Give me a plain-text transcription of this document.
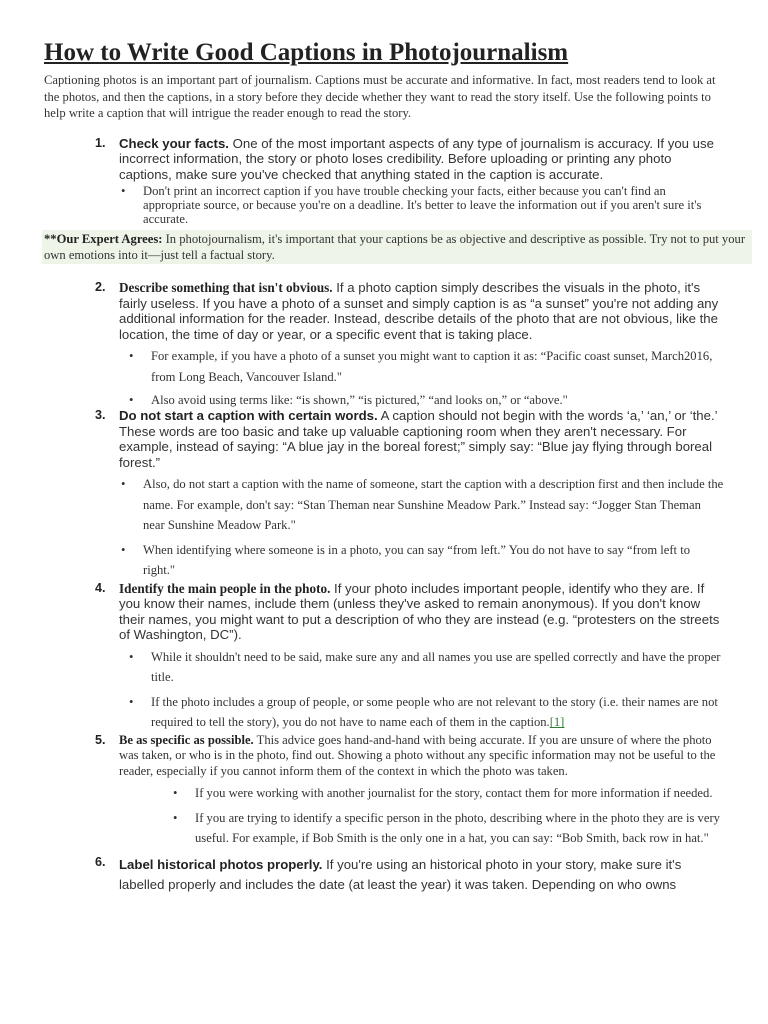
How to Write Good Captions in Photojournalism

Captioning photos is an important part of journalism. Captions must be accurate and informative. In fact, most readers tend to look at the photos, and then the captions, in a story before they decide whether they want to read the story itself. Use the following points to help write a caption that will intrigue the reader enough to read the story.

1. Check your facts. One of the most important aspects of any type of journalism is accuracy. If you use incorrect information, the story or photo loses credibility. Before uploading or printing any photo captions, make sure you've checked that anything stated in the caption is accurate.
• Don't print an incorrect caption if you have trouble checking your facts, either because you can't find an appropriate source, or because you're on a deadline. It's better to leave the information out if you aren't sure it's accurate.
**Our Expert Agrees: In photojournalism, it's important that your captions be as objective and descriptive as possible. Try not to put your own emotions into it—just tell a factual story.
2. Describe something that isn't obvious. If a photo caption simply describes the visuals in the photo, it's fairly useless. If you have a photo of a sunset and simply caption is as “a sunset” you're not adding any additional information for the reader. Instead, describe details of the photo that are not obvious, like the location, the time of day or year, or a specific event that is taking place.
• For example, if you have a photo of a sunset you might want to caption it as: “Pacific coast sunset, March2016, from Long Beach, Vancouver Island."
• Also avoid using terms like: “is shown,” “is pictured,” “and looks on,” or “above."
3. Do not start a caption with certain words. A caption should not begin with the words ‘a,’ ‘an,’ or ‘the.’ These words are too basic and take up valuable captioning room when they aren't necessary. For example, instead of saying: “A blue jay in the boreal forest;” simply say: “Blue jay flying through boreal forest.”
• Also, do not start a caption with the name of someone, start the caption with a description first and then include the name. For example, don't say: “Stan Theman near Sunshine Meadow Park.” Instead say: “Jogger Stan Theman near Sunshine Meadow Park."
• When identifying where someone is in a photo, you can say “from left.” You do not have to say “from left to right."
4. Identify the main people in the photo. If your photo includes important people, identify who they are. If you know their names, include them (unless they've asked to remain anonymous). If you don't know their names, you might want to put a description of who they are instead (e.g. “protesters on the streets of Washington, DC”).
• While it shouldn't need to be said, make sure any and all names you use are spelled correctly and have the proper title.
• If the photo includes a group of people, or some people who are not relevant to the story (i.e. their names are not required to tell the story), you do not have to name each of them in the caption.[1]
5. Be as specific as possible. This advice goes hand-and-hand with being accurate. If you are unsure of where the photo was taken, or who is in the photo, find out. Showing a photo without any specific information may not be useful to the reader, especially if you cannot inform them of the context in which the photo was taken.
• If you were working with another journalist for the story, contact them for more information if needed.
• If you are trying to identify a specific person in the photo, describing where in the photo they are is very useful. For example, if Bob Smith is the only one in a hat, you can say: “Bob Smith, back row in hat."
6. Label historical photos properly. If you're using an historical photo in your story, make sure it's labelled properly and includes the date (at least the year) it was taken. Depending on who owns
